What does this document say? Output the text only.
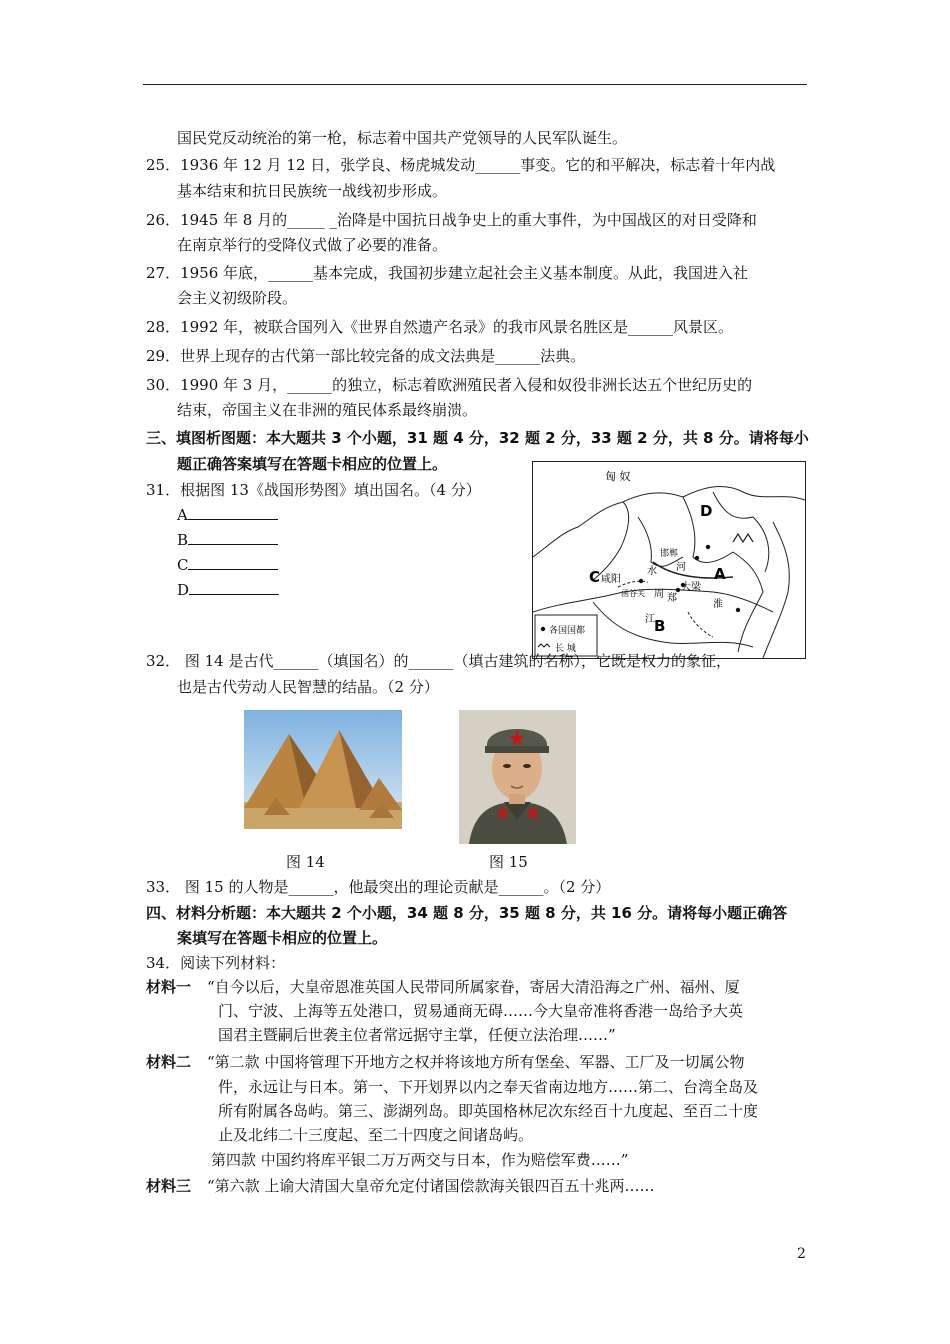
国民党反动统治的第一枪，标志着中国共产党领导的人民军队诞生。
25．1936 年 12 月 12 日，张学良、杨虎城发动______事变。它的和平解决，标志着十年内战
基本结束和抗日民族统一战线初步形成。
26．1945 年 8 月的_____ _治降是中国抗日战争史上的重大事件，为中国战区的对日受降和
在南京举行的受降仪式做了必要的准备。
27．1956 年底，______基本完成，我国初步建立起社会主义基本制度。从此，我国进入社
会主义初级阶段。
28．1992 年，被联合国列入《世界自然遗产名录》的我市风景名胜区是______风景区。
29．世界上现存的古代第一部比较完备的成文法典是______法典。
30．1990 年 3 月，______的独立，标志着欧洲殖民者入侵和奴役非洲长达五个世纪历史的
结束，帝国主义在非洲的殖民体系最终崩溃。
三、填图析图题：本大题共 3 个小题，31 题 4 分，32 题 2 分，33 题 2 分，共 8 分。请将每小
题正确答案填写在答题卡相应的位置上。
31．根据图 13《战国形势图》填出国名。（4 分）
A
B
C
D
匈 奴
D
C	A
B
咸阳
邯郸
函谷关 周 郑
大梁
河
水
淮
江
各国国都
长 城
32． 图 14 是古代______（填国名）的______（填古建筑的名称），它既是权力的象征，
也是古代劳动人民智慧的结晶。（2 分）
图 14	图 15
33． 图 15 的人物是______，他最突出的理论贡献是______。（2 分）
四、材料分析题：本大题共 2 个小题，34 题 8 分，35 题 8 分，共 16 分。请将每小题正确答
案填写在答题卡相应的位置上。
34．阅读下列材料：
材料一 “自今以后，大皇帝恩准英国人民带同所属家眷，寄居大清沿海之广州、福州、厦
门、宁波、上海等五处港口，贸易通商无碍……今大皇帝准将香港一岛给予大英
国君主暨嗣后世袭主位者常远据守主掌，任便立法治理……”
材料二 “第二款 中国将管理下开地方之权并将该地方所有堡垒、军器、工厂及一切属公物
件，永远让与日本。第一、下开划界以内之奉天省南边地方……第二、台湾全岛及
所有附属各岛屿。第三、澎湖列岛。即英国格林尼次东经百十九度起、至百二十度
止及北纬二十三度起、至二十四度之间诸岛屿。
第四款 中国约将库平银二万万两交与日本，作为赔偿军费……”
材料三 “第六款 上谕大清国大皇帝允定付诸国偿款海关银四百五十兆两……
2
